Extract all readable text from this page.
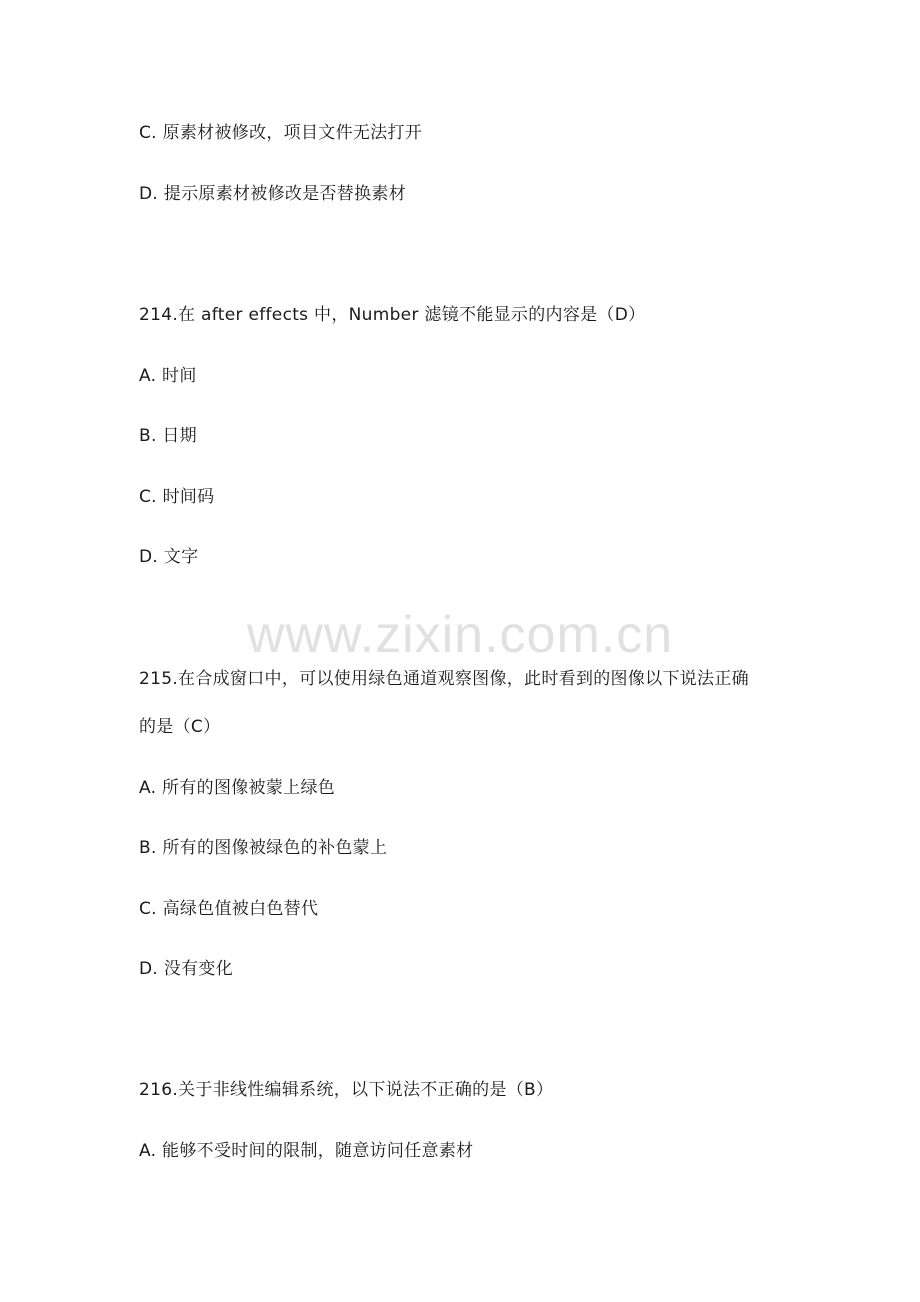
C. 原素材被修改，项目文件无法打开
D. 提示原素材被修改是否替换素材
214.在 after effects 中，Number 滤镜不能显示的内容是（D）
A. 时间
B. 日期
C. 时间码
D. 文字
215.在合成窗口中，可以使用绿色通道观察图像，此时看到的图像以下说法正确
的是（C）
A. 所有的图像被蒙上绿色
B. 所有的图像被绿色的补色蒙上
C. 高绿色值被白色替代
D. 没有变化
216.关于非线性编辑系统，以下说法不正确的是（B）
A. 能够不受时间的限制，随意访问任意素材
www.zixin.com.cn
